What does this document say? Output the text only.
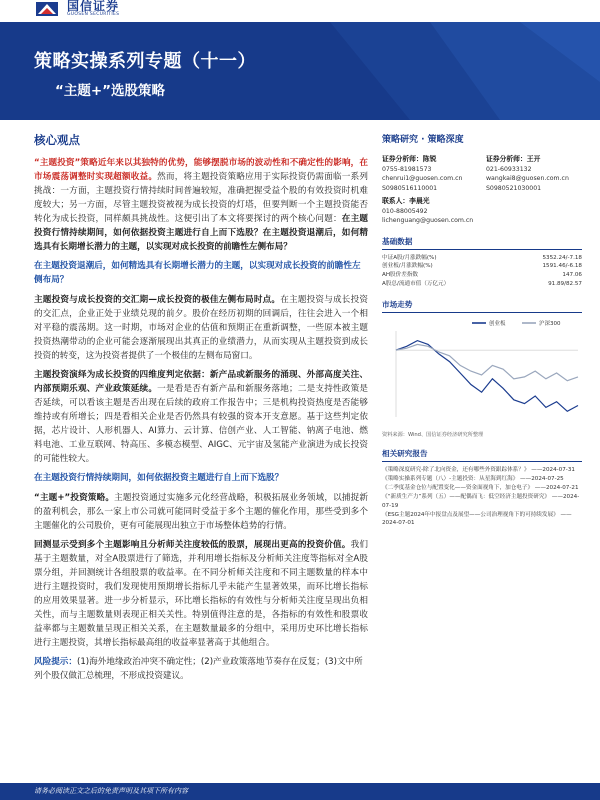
国信证券
GUOSEN SECURITIES
策略实操系列专题（十一）
“主题+”选股策略
核心观点

“主题投资”策略近年来以其独特的优势，能够摆脱市场的波动性和不确定性的影响，在市场震荡调整时实现超额收益。然而，将主题投资策略应用于实际投资仍需面临一系列挑战：一方面，主题投资行情持续时间普遍较短，准确把握受益个股的有效投资时机难度较大；另一方面，尽管主题投资被视为成长投资的灯塔，但要判断一个主题投资能否转化为成长投资，同样颇具挑战性。这便引出了本文将要探讨的两个核心问题：在主题投资行情持续期间，如何依据投资主题进行自上而下选股？在主题投资退潮后，如何精选具有长期增长潜力的主题，以实现对成长投资的前瞻性左侧布局？

在主题投资退潮后，如何精选具有长期增长潜力的主题，以实现对成长投资的前瞻性左侧布局？

主题投资与成长投资的交汇期—成长投资的极佳左侧布局时点。在主题投资与成长投资的交汇点，企业正处于业绩兑现的前夕。股价在经历初期的回调后，往往会进入一个相对平稳的震荡期。这一时期，市场对企业的估值和预期正在重新调整，一些原本被主题投资热潮带动的企业可能会逐渐展现出其真正的业绩潜力，从而实现从主题投资到成长投资的转变，这为投资者提供了一个极佳的左侧布局窗口。

主题投资演绎为成长投资的四维度判定依据：新产品或新服务的涌现、外部高度关注、内部预期乐观、产业政策延续。一是看是否有新产品和新服务落地；二是支持性政策是否延续，可以看该主题是否出现在后续的政府工作报告中；三是机构投资热度是否能够维持或有所增长；四是看相关企业是否仍然具有较强的资本开支意愿。基于这些判定依据，芯片设计、人形机器人、AI算力、云计算、信创产业、人工智能、钠离子电池、燃料电池、工业互联网、特高压、多模态模型、AIGC、元宇宙及氢能产业演进为成长投资的可能性较大。

在主题投资行情持续期间，如何依据投资主题进行自上而下选股？

“主题+”投资策略。主题投资通过实施多元化经营战略，积极拓展业务领域，以捕捉新的盈利机会，那么一家上市公司就可能同时受益于多个主题的催化作用，那些受到多个主题催化的公司股价，更有可能展现出独立于市场整体趋势的行情。

回测显示受到多个主题影响且分析师关注度较低的股票，展现出更高的投资价值。我们基于主题数量，对全A股票进行了筛选，并利用增长指标及分析师关注度等指标对全A股票分组，并回测统计各组股票的收益率。在不同分析师关注度和不同主题数量的样本中进行主题投资时，我们发现使用预期增长指标几乎未能产生显著效果，而环比增长指标的应用效果显著。进一步分析显示，环比增长指标的有效性与分析师关注度呈现出负相关性，而与主题数量则表现正相关关性。特别值得注意的是，各指标的有效性和股票收益率都与主题数量呈现正相关关系，在主题数量最多的分组中，采用历史环比增长指标进行主题投资，其增长指标最高组的收益率显著高于其他组合。

风险提示：(1)海外地缘政治冲突不确定性；(2)产业政策落地节奏存在反复；(3)文中所列个股仅做汇总梳理，不形成投资建议。

策略研究 · 策略深度
证券分析师：陈锐
0755-81981573
chenrui1@guosen.com.cn
S0980516110001
证券分析师：王开
021-60933132
wangkai8@guosen.com.cn
S0980521030001
联系人：李晨光
010-88005492
lichenguang@guosen.com.cn
基础数据
中证A股/月涨跌幅(%)	5352.24/-7.18
创业板/月涨跌幅(%)	1591.46/-6.18
AH股价差指数	147.06
A股总/流通市值（万亿元）	91.89/82.57
市场走势
创业板	沪深300
资料来源：Wind、国信证券经济研究所整理
相关研究报告
《策略深度研究-除了北向资金，还有哪些外资跟踪体系？》 ——2024-07-31
《策略实操系列专题（八）-主题投资：从星海到红海》 ——2024-07-25
《二季度基金仓位与配置变化——资金面视角下，加仓电子》 ——2024-07-21
《“新质生产力”系列（五）——配偶而飞：低空经济主题投资研究》 ——2024-07-19
《ESG主题2024年中报盘点及展望——公司治理视角下的可持续发展》 ——2024-07-01
请务必阅读正文之后的免责声明及其项下所有内容
